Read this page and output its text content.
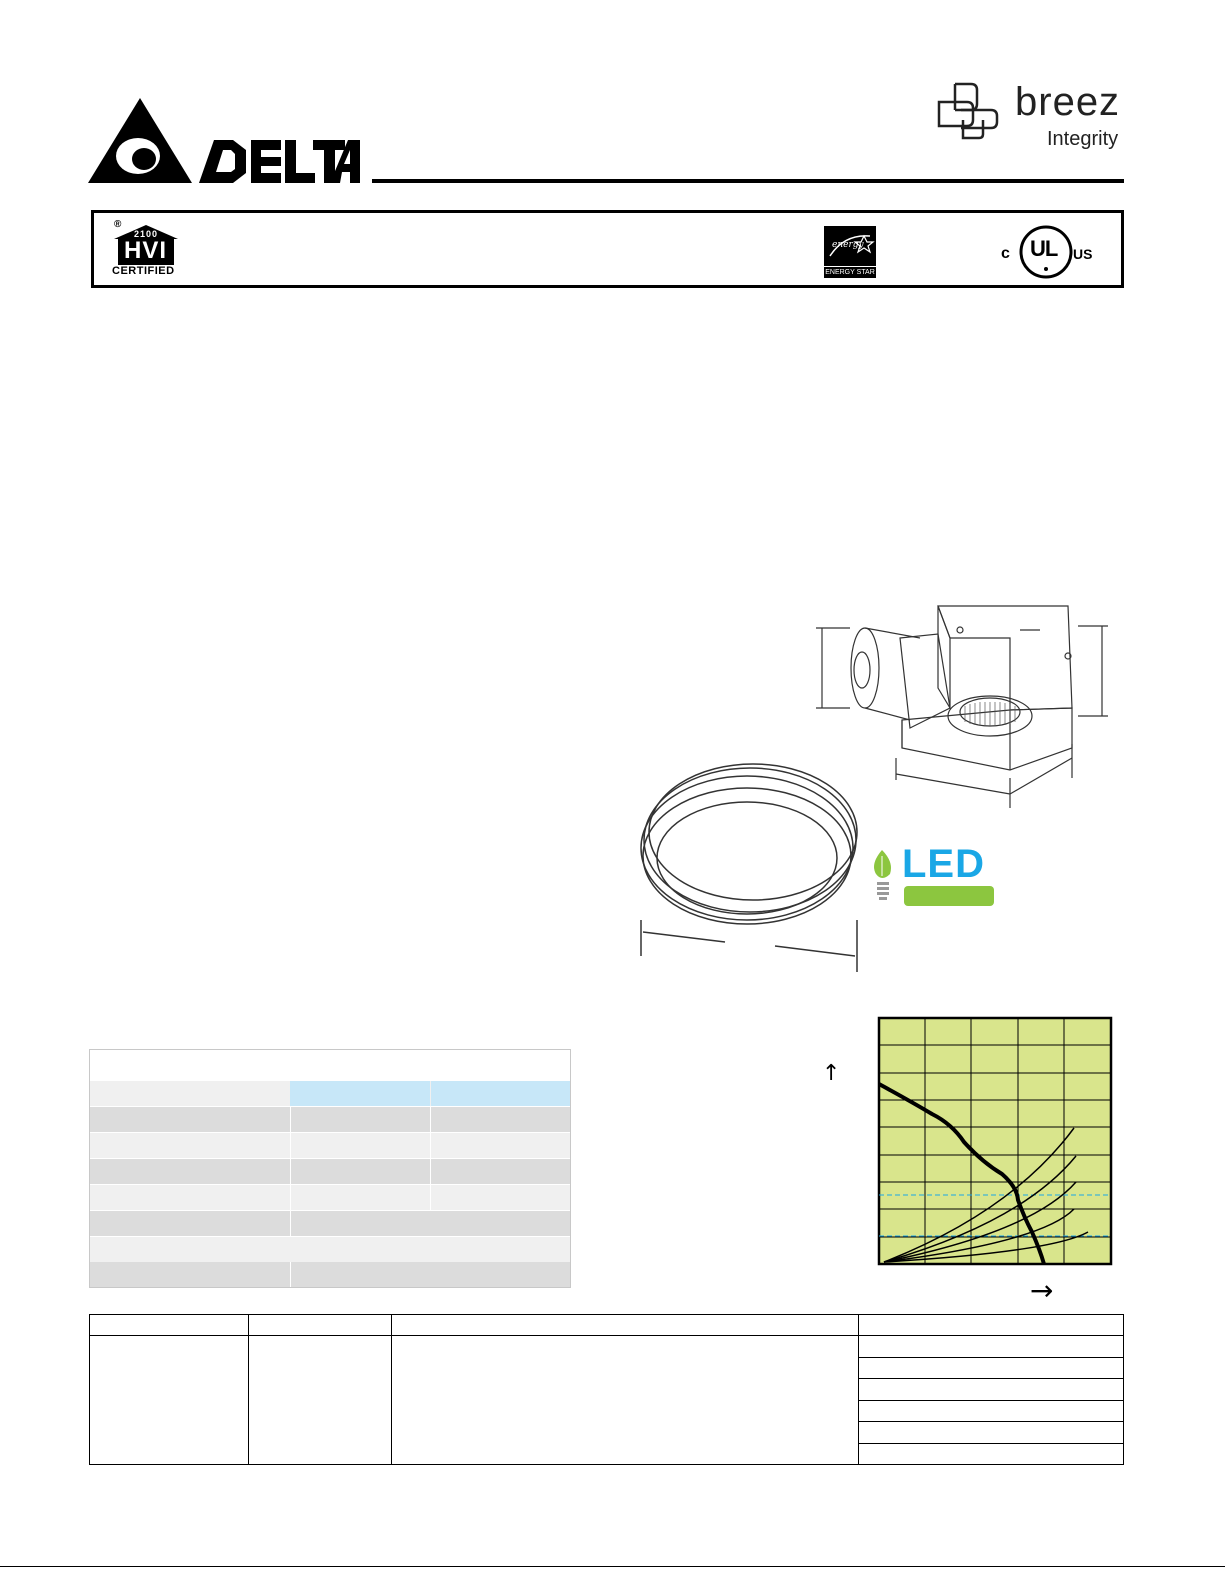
breez
Integrity
®
2100
HVI
CERTIFIED
energy
ENERGY STAR
c UL US
LED
↑
→
